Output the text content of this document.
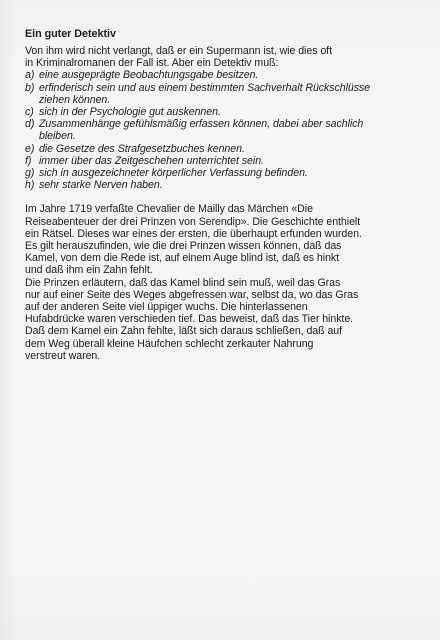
Ein guter Detektiv
Von ihm wird nicht verlangt, daß er ein Supermann ist, wie dies oft
in Kriminalromanen der Fall ist. Aber ein Detektiv muß:
a) eine ausgeprägte Beobachtungsgabe besitzen.
b) erfinderisch sein und aus einem bestimmten Sachverhalt Rückschlüsse
ziehen können.
c) sich in der Psychologie gut auskennen.
d) Zusammenhänge gefühlsmäßig erfassen können, dabei aber sachlich
bleiben.
e) die Gesetze des Strafgesetzbuches kennen.
f) immer über das Zeitgeschehen unterrichtet sein.
g) sich in ausgezeichneter körperlicher Verfassung befinden.
h) sehr starke Nerven haben.
Im Jahre 1719 verfaßte Chevalier de Mailly das Märchen «Die
Reiseabenteuer der drei Prinzen von Serendip». Die Geschichte enthielt
ein Rätsel. Dieses war eines der ersten, die überhaupt erfunden wurden.
Es gilt herauszufinden, wie die drei Prinzen wissen können, daß das
Kamel, von dem die Rede ist, auf einem Auge blind ist, daß es hinkt
und daß ihm ein Zahn fehlt.
Die Prinzen erläutern, daß das Kamel blind sein muß, weil das Gras
nur auf einer Seite des Weges abgefressen war, selbst da, wo das Gras
auf der anderen Seite viel üppiger wuchs. Die hinterlassenen
Hufabdrücke waren verschieden tief. Das beweist, daß das Tier hinkte.
Daß dem Kamel ein Zahn fehlte, läßt sich daraus schließen, daß auf
dem Weg überall kleine Häufchen schlecht zerkauter Nahrung
verstreut waren.
